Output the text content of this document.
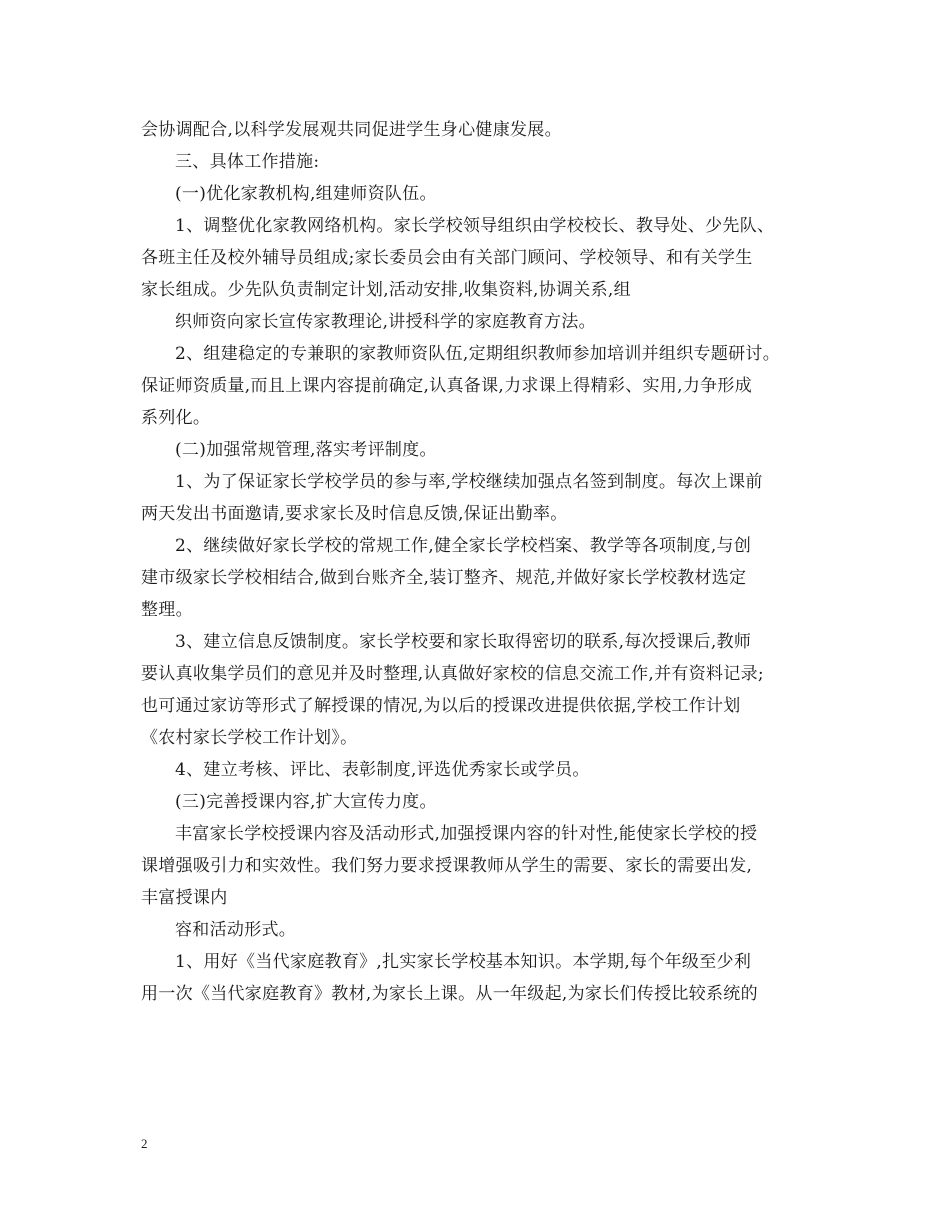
会协调配合,以科学发展观共同促进学生身心健康发展。
三、具体工作措施:
(一)优化家教机构,组建师资队伍。
1、调整优化家教网络机构。家长学校领导组织由学校校长、教导处、少先队、
各班主任及校外辅导员组成;家长委员会由有关部门顾问、学校领导、和有关学生
家长组成。少先队负责制定计划,活动安排,收集资料,协调关系,组
织师资向家长宣传家教理论,讲授科学的家庭教育方法。
2、组建稳定的专兼职的家教师资队伍,定期组织教师参加培训并组织专题研讨。
保证师资质量,而且上课内容提前确定,认真备课,力求课上得精彩、实用,力争形成
系列化。
(二)加强常规管理,落实考评制度。
1、为了保证家长学校学员的参与率,学校继续加强点名签到制度。每次上课前
两天发出书面邀请,要求家长及时信息反馈,保证出勤率。
2、继续做好家长学校的常规工作,健全家长学校档案、教学等各项制度,与创
建市级家长学校相结合,做到台账齐全,装订整齐、规范,并做好家长学校教材选定
整理。
3、建立信息反馈制度。家长学校要和家长取得密切的联系,每次授课后,教师
要认真收集学员们的意见并及时整理,认真做好家校的信息交流工作,并有资料记录;
也可通过家访等形式了解授课的情况,为以后的授课改进提供依据,学校工作计划
《农村家长学校工作计划》。
4、建立考核、评比、表彰制度,评选优秀家长或学员。
(三)完善授课内容,扩大宣传力度。
丰富家长学校授课内容及活动形式,加强授课内容的针对性,能使家长学校的授
课增强吸引力和实效性。我们努力要求授课教师从学生的需要、家长的需要出发,
丰富授课内
容和活动形式。
1、用好《当代家庭教育》,扎实家长学校基本知识。本学期,每个年级至少利
用一次《当代家庭教育》教材,为家长上课。从一年级起,为家长们传授比较系统的
2
